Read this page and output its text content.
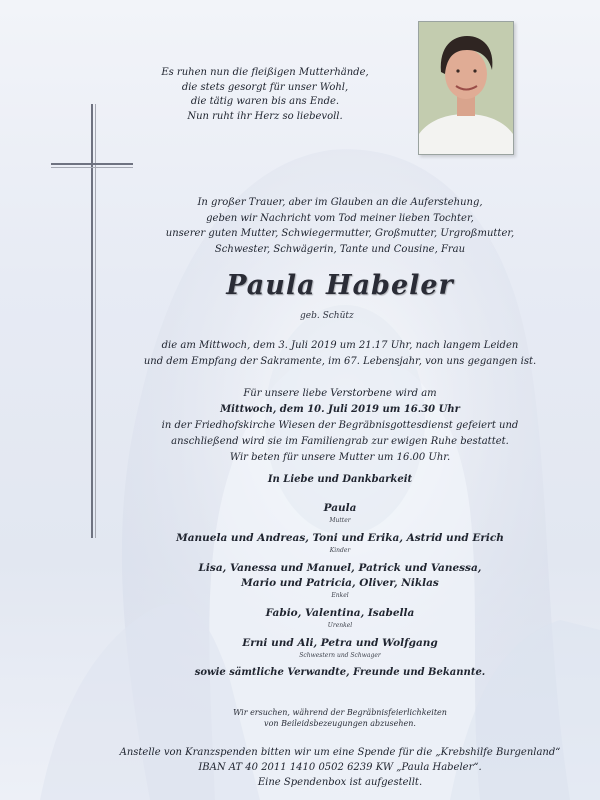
Es ruhen nun die fleißigen Mutterhände,
die stets gesorgt für unser Wohl,
die tätig waren bis ans Ende.
Nun ruht ihr Herz so liebevoll.
In großer Trauer, aber im Glauben an die Auferstehung,
geben wir Nachricht vom Tod meiner lieben Tochter,
unserer guten Mutter, Schwiegermutter, Großmutter, Urgroßmutter,
Schwester, Schwägerin, Tante und Cousine, Frau
Paula Habeler
geb. Schütz
die am Mittwoch, dem 3. Juli 2019 um 21.17 Uhr, nach langem Leiden
und dem Empfang der Sakramente, im 67. Lebensjahr, von uns gegangen ist.
Für unsere liebe Verstorbene wird am
Mittwoch, dem 10. Juli 2019 um 16.30 Uhr
in der Friedhofskirche Wiesen der Begräbnisgottesdienst gefeiert und
anschließend wird sie im Familiengrab zur ewigen Ruhe bestattet.
Wir beten für unsere Mutter um 16.00 Uhr.
In Liebe und Dankbarkeit
Paula
Mutter
Manuela und Andreas, Toni und Erika, Astrid und Erich
Kinder
Lisa, Vanessa und Manuel, Patrick und Vanessa,
Mario und Patricia, Oliver, Niklas
Enkel
Fabio, Valentina, Isabella
Urenkel
Erni und Ali, Petra und Wolfgang
Schwestern und Schwager
sowie sämtliche Verwandte, Freunde und Bekannte.
Wir ersuchen, während der Begräbnisfeierlichkeiten
von Beileidsbezeugungen abzusehen.
Anstelle von Kranzspenden bitten wir um eine Spende für die „Krebshilfe Burgenland“
IBAN AT 40 2011 1410 0502 6239 KW „Paula Habeler“.
Eine Spendenbox ist aufgestellt.
